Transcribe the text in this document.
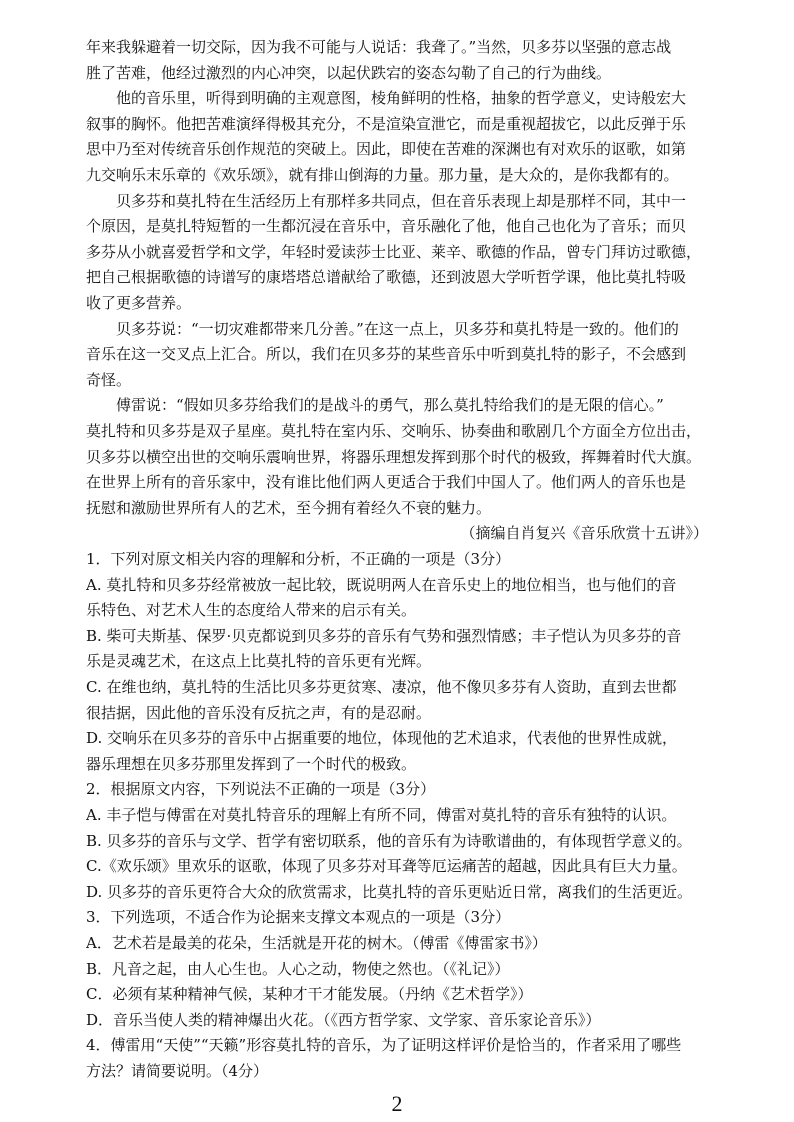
年来我躲避着一切交际，因为我不可能与人说话：我聋了。”当然，贝多芬以坚强的意志战
胜了苦难，他经过激烈的内心冲突，以起伏跌宕的姿态勾勒了自己的行为曲线。
他的音乐里，听得到明确的主观意图，棱角鲜明的性格，抽象的哲学意义，史诗般宏大
叙事的胸怀。他把苦难演绎得极其充分，不是渲染宣泄它，而是重视超拔它，以此反弹于乐
思中乃至对传统音乐创作规范的突破上。因此，即使在苦难的深渊也有对欢乐的讴歌，如第
九交响乐末乐章的《欢乐颂》，就有排山倒海的力量。那力量，是大众的，是你我都有的。
贝多芬和莫扎特在生活经历上有那样多共同点，但在音乐表现上却是那样不同，其中一
个原因，是莫扎特短暂的一生都沉浸在音乐中，音乐融化了他，他自己也化为了音乐；而贝
多芬从小就喜爱哲学和文学，年轻时爱读莎士比亚、莱辛、歌德的作品，曾专门拜访过歌德，
把自己根据歌德的诗谱写的康塔塔总谱献给了歌德，还到波恩大学听哲学课，他比莫扎特吸
收了更多营养。
贝多芬说：“一切灾难都带来几分善。”在这一点上，贝多芬和莫扎特是一致的。他们的
音乐在这一交叉点上汇合。所以，我们在贝多芬的某些音乐中听到莫扎特的影子，不会感到
奇怪。
傅雷说：“假如贝多芬给我们的是战斗的勇气，那么莫扎特给我们的是无限的信心。”
莫扎特和贝多芬是双子星座。莫扎特在室内乐、交响乐、协奏曲和歌剧几个方面全方位出击，
贝多芬以横空出世的交响乐震响世界，将器乐理想发挥到那个时代的极致，挥舞着时代大旗。
在世界上所有的音乐家中，没有谁比他们两人更适合于我们中国人了。他们两人的音乐也是
抚慰和激励世界所有人的艺术，至今拥有着经久不衰的魅力。
（摘编自肖复兴《音乐欣赏十五讲》）
1．下列对原文相关内容的理解和分析，不正确的一项是（3分）
A. 莫扎特和贝多芬经常被放一起比较，既说明两人在音乐史上的地位相当，也与他们的音
乐特色、对艺术人生的态度给人带来的启示有关。
B. 柴可夫斯基、保罗·贝克都说到贝多芬的音乐有气势和强烈情感；丰子恺认为贝多芬的音
乐是灵魂艺术，在这点上比莫扎特的音乐更有光辉。
C. 在维也纳，莫扎特的生活比贝多芬更贫寒、凄凉，他不像贝多芬有人资助，直到去世都
很拮据，因此他的音乐没有反抗之声，有的是忍耐。
D. 交响乐在贝多芬的音乐中占据重要的地位，体现他的艺术追求，代表他的世界性成就，
器乐理想在贝多芬那里发挥到了一个时代的极致。
2．根据原文内容，下列说法不正确的一项是（3分）
A. 丰子恺与傅雷在对莫扎特音乐的理解上有所不同，傅雷对莫扎特的音乐有独特的认识。
B. 贝多芬的音乐与文学、哲学有密切联系，他的音乐有为诗歌谱曲的，有体现哲学意义的。
C.《欢乐颂》里欢乐的讴歌，体现了贝多芬对耳聋等厄运痛苦的超越，因此具有巨大力量。
D. 贝多芬的音乐更符合大众的欣赏需求，比莫扎特的音乐更贴近日常，离我们的生活更近。
3．下列选项，不适合作为论据来支撑文本观点的一项是（3分）
A．艺术若是最美的花朵，生活就是开花的树木。（傅雷《傅雷家书》）
B．凡音之起，由人心生也。人心之动，物使之然也。（《礼记》）
C．必须有某种精神气候，某种才干才能发展。（丹纳《艺术哲学》）
D．音乐当使人类的精神爆出火花。（《西方哲学家、文学家、音乐家论音乐》）
4．傅雷用“天使”“天籁”形容莫扎特的音乐，为了证明这样评价是恰当的，作者采用了哪些
方法？请简要说明。（4分）
2
